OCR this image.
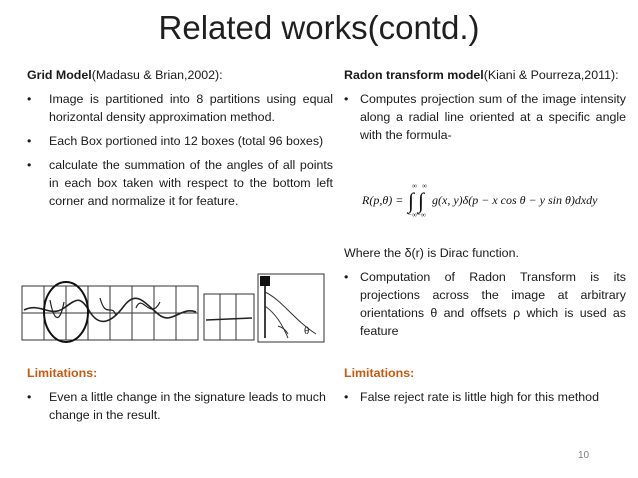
Related works(contd.)
Grid Model(Madasu & Brian,2002):
•	Image is partitioned into 8 partitions using equal horizontal density approximation method.
•	Each Box portioned into 12 boxes (total 96 boxes)
•	calculate the summation of the angles of all points in each box taken with respect to the bottom left corner and normalize it for feature.
θ
Limitations:
•	Even a little change in the signature leads to much change in the result.
Radon transform model(Kiani & Pourreza,2011):
• Computes projection sum of the image intensity along a radial line oriented at a specific angle with the formula-
R(p,θ) =
∞ ∞
∫ ∫
−∞−∞
g(x, y)δ(p − x cos θ − y sin θ)dxdy
Where the δ(r) is Dirac function.
• Computation of Radon Transform is its projections across the image at arbitrary orientations θ and offsets ρ which is used as feature
Limitations:
• False reject rate is little high for this method
10
